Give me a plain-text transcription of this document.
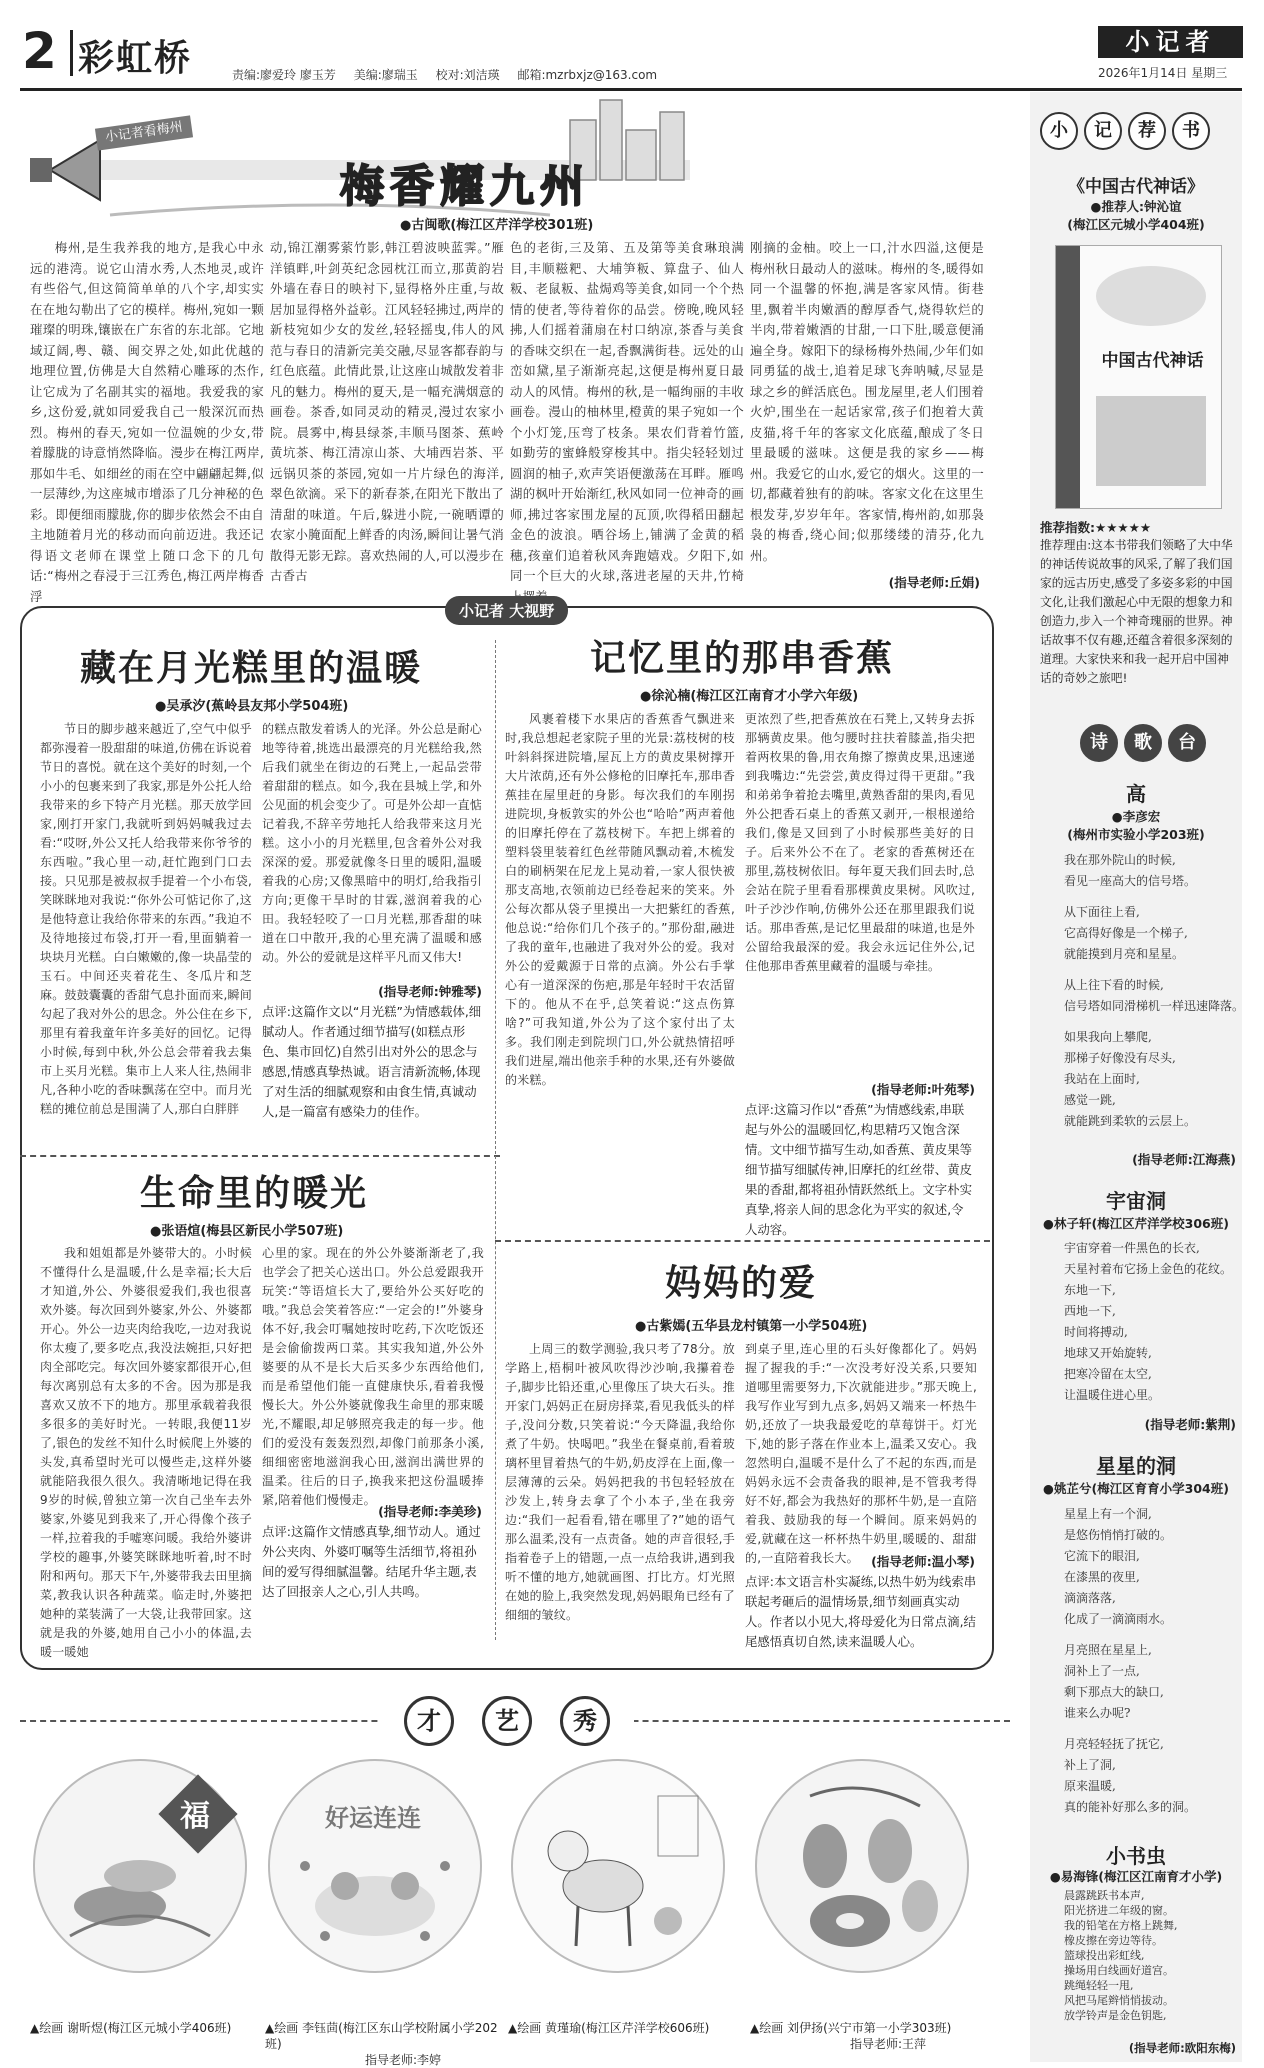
2 彩虹桥	责编:廖爱玲 廖玉芳 美编:廖瑞玉 校对:刘洁瑛 邮箱:mzrbxjz@163.com
小记者
2026年1月14日 星期三
小记者看梅州
梅香耀九州
●古闽歌(梅江区芹洋学校301班)

梅州,是生我养我的地方,是我心中永远的港湾。说它山清水秀,人杰地灵,或许有些俗气,但这简简单单的八个字,却实实在在地勾勒出了它的模样。梅州,宛如一颗璀璨的明珠,镶嵌在广东省的东北部。它地域辽阔,粤、赣、闽交界之处,如此优越的地理位置,仿佛是大自然精心雕琢的杰作,让它成为了名副其实的福地。我爱我的家乡,这份爱,就如同爱我自己一般深沉而热烈。梅州的春天,宛如一位温婉的少女,带着朦胧的诗意悄然降临。漫步在梅江两岸,那如牛毛、如细丝的雨在空中翩翩起舞,似一层薄纱,为这座城市增添了几分神秘的色彩。即便细雨朦胧,你的脚步依然会不由自主地随着月光的移动而向前迈进。我还记得语文老师在课堂上随口念下的几句话:“梅州之春浸于三江秀色,梅江两岸梅香浮

动,锦江潮雾萦竹影,韩江碧波映蓝霁。”雁洋镇畔,叶剑英纪念园枕江而立,那黄韵岩外墙在春日的映衬下,显得格外庄重,与故居加显得格外益彰。江风轻轻拂过,两岸的新枝宛如少女的发丝,轻轻摇曳,伟人的风范与春日的清新完美交融,尽显客都春韵与红色底蕴。此情此景,让这座山城散发着非凡的魅力。梅州的夏天,是一幅充满烟意的画卷。茶香,如同灵动的精灵,漫过农家小院。晨雾中,梅县绿茶,丰顺马图茶、蕉岭黄坑茶、梅江清凉山茶、大埔西岩茶、平远锅贝茶的茶园,宛如一片片绿色的海洋,翠色欲滴。采下的新春茶,在阳光下散出了清甜的味道。午后,躲进小院,一碗晒谭的农家小腌面配上鲜香的肉汤,瞬间让暑气消散得无影无踪。喜欢热闹的人,可以漫步在古香古

色的老街,三及第、五及第等美食琳琅满目,丰顺糍粑、大埔笋粄、算盘子、仙人粄、老鼠粄、盐焗鸡等美食,如同一个个热情的使者,等待着你的品尝。傍晚,晚风轻拂,人们摇着蒲扇在村口纳凉,茶香与美食的香味交织在一起,香飘满街巷。远处的山峦如黛,星子渐渐亮起,这便是梅州夏日最动人的风情。梅州的秋,是一幅绚丽的丰收画卷。漫山的柚林里,橙黄的果子宛如一个个小灯笼,压弯了枝条。果农们背着竹篮,如勤劳的蜜蜂般穿梭其中。指尖轻轻划过圆润的柚子,欢声笑语便激荡在耳畔。雁鸣湖的枫叶开始渐红,秋风如同一位神奇的画师,拂过客家围龙屋的瓦顶,吹得稻田翻起金色的波浪。晒谷场上,铺满了金黄的稻穗,孩童们追着秋风奔跑嬉戏。夕阳下,如同一个巨大的火球,落进老屋的天井,竹椅

刚摘的金柚。咬上一口,汁水四溢,这便是梅州秋日最动人的滋味。梅州的冬,暖得如同一个温馨的怀抱,满是客家风情。街巷里,飘着半肉嫩酒的醇厚香气,烧得软烂的半肉,带着嫩酒的甘甜,一口下肚,暖意便涌遍全身。嫁阳下的绿杨梅外热闹,少年们如同勇猛的战士,追着足球飞奔呐喊,尽显是球之乡的鲜活底色。围龙屋里,老人们围着火炉,围坐在一起话家常,孩子们抱着大黄皮猫,将千年的客家文化底蕴,酿成了冬日里最暖的滋味。这便是我的家乡——梅州。我爱它的山水,爱它的烟火。这里的一切,都藏着独有的韵味。客家文化在这里生根发芽,岁岁年年。客家情,梅州韵,如那袅袅的梅香,绕心间;似那缕缕的清芬,化九州。

(指导老师:丘娟)
小记者 大视野
藏在月光糕里的温暖
●吴承汐(蕉岭县友邦小学504班)

节日的脚步越来越近了,空气中似乎都弥漫着一股甜甜的味道,仿佛在诉说着节日的喜悦。就在这个美好的时刻,一个小小的包裹来到了我家,那是外公托人给我带来的乡下特产月光糕。那天放学回家,刚打开家门,我就听到妈妈喊我过去看:“哎呀,外公又托人给我带来你爷爷的东西啦。”我心里一动,赶忙跑到门口去接。只见那是被叔叔手提着一个小布袋,笑眯眯地对我说:“你外公可惦记你了,这是他特意让我给你带来的东西。”我迫不及待地接过布袋,打开一看,里面躺着一块块月光糕。白白嫩嫩的,像一块晶莹的玉石。中间还夹着花生、冬瓜片和芝麻。鼓鼓囊囊的香甜气息扑面而来,瞬间勾起了我对外公的思念。外公住在乡下,那里有着我童年许多美好的回忆。记得小时候,每到中秋,外公总会带着我去集市上买月光糕。集市上人来人往,热闹非凡,各种小吃的香味飘荡在空中。而月光糕的摊位前总是围满了人,那白白胖胖

的糕点散发着诱人的光泽。外公总是耐心地等待着,挑选出最漂亮的月光糕给我,然后我们就坐在街边的石凳上,一起品尝带着甜甜的糕点。如今,我在县城上学,和外公见面的机会变少了。可是外公却一直惦记着我,不辞辛劳地托人给我带来这月光糕。这小小的月光糕里,包含着外公对我深深的爱。那爱就像冬日里的暖阳,温暖着我的心房;又像黑暗中的明灯,给我指引方向;更像干旱时的甘霖,滋润着我的心田。我轻轻咬了一口月光糕,那香甜的味道在口中散开,我的心里充满了温暖和感动。外公的爱就是这样平凡而又伟大!

(指导老师:钟雅琴)
点评:这篇作文以“月光糕”为情感载体,细腻动人。作者通过细节描写(如糕点形色、集市回忆)自然引出对外公的思念与感恩,情感真挚热诚。语言清新流畅,体现了对生活的细腻观察和由食生情,真诚动人,是一篇富有感染力的佳作。
记忆里的那串香蕉
●徐沁楠(梅江区江南育才小学六年级)

风裹着楼下水果店的香蕉香气飘进来时,我总想起老家院子里的光景:荔枝树的枝叶斜斜探进院墙,屋瓦上方的黄皮果树撑开大片浓荫,还有外公修枪的旧摩托车,那串香蕉挂在屋里赶的身影。每次我们的车刚拐进院坝,身板敦实的外公也“哈哈”两声着他的旧摩托停在了荔枝树下。车把上绑着的塑料袋里装着红色丝带随风飘动着,木梳发白的刷柄架在尼龙上晃动着,一家人很快被那支高地,衣领前边已经卷起来的笑来。外公每次都从袋子里摸出一大把紫红的香蕉,他总说:“给你们几个孩子的。”那份甜,融进了我的童年,也融进了我对外公的爱。我对外公的爱戴源于日常的点滴。外公右手掌心有一道深深的伤疤,那是年轻时干农活留下的。他从不在乎,总笑着说:“这点伤算啥?”可我知道,外公为了这个家付出了太多。我们刚走到院坝门口,外公就热情招呼我们进屋,端出他亲手种的水果,还有外婆做的米糕。

更浓烈了些,把香蕉放在石凳上,又转身去拆那辆黄皮果。他匀腰时拄扶着膝盖,指尖把着两枚果的鲁,用衣角擦了擦黄皮果,迅速递到我嘴边:“先尝尝,黄皮得过得干更甜。”我和弟弟争着抢去嘴里,黄熟香甜的果肉,看见外公把香石桌上的香蕉又剥开,一根根递给我们,像是又回到了小时候那些美好的日子。后来外公不在了。老家的香蕉树还在那里,荔枝树依旧。每年夏天我们回去时,总会站在院子里看看那棵黄皮果树。风吹过,叶子沙沙作响,仿佛外公还在那里跟我们说话。那串香蕉,是记忆里最甜的味道,也是外公留给我最深的爱。我会永远记住外公,记住他那串香蕉里藏着的温暖与牵挂。

(指导老师:叶苑琴)
点评:这篇习作以“香蕉”为情感线索,串联起与外公的温暖回忆,构思精巧又饱含深情。文中细节描写生动,如香蕉、黄皮果等细节描写细腻传神,旧摩托的红丝带、黄皮果的香甜,都将祖孙情跃然纸上。文字朴实真挚,将亲人间的思念化为平实的叙述,令人动容。
生命里的暖光
●张语煊(梅县区新民小学507班)

我和姐姐都是外婆带大的。小时候不懂得什么是温暖,什么是幸福;长大后才知道,外公、外婆很爱我们,我也很喜欢外婆。每次回到外婆家,外公、外婆都开心。外公一边夹肉给我吃,一边对我说你太瘦了,要多吃点,我没法婉拒,只好把肉全部吃完。每次回外婆家都很开心,但每次离别总有太多的不舍。因为那是我喜欢又放不下的地方。那里承载着我很多很多的美好时光。一转眼,我便11岁了,银色的发丝不知什么时候爬上外婆的头发,真希望时光可以慢些走,这样外婆就能陪我很久很久。我清晰地记得在我9岁的时候,曾独立第一次自己坐车去外婆家,外婆见到我来了,开心得像个孩子一样,拉着我的手嘘寒问暖。我给外婆讲学校的趣事,外婆笑眯眯地听着,时不时附和两句。那天下午,外婆带我去田里摘菜,教我认识各种蔬菜。临走时,外婆把她种的菜装满了一大袋,让我带回家。这就是我的外婆,她用自己小小的体温,去暖一暖她

心里的家。现在的外公外婆渐渐老了,我也学会了把关心送出口。外公总爱跟我开玩笑:“等语煊长大了,要给外公买好吃的哦。”我总会笑着答应:“一定会的!”外婆身体不好,我会叮嘱她按时吃药,下次吃饭还是会偷偷拨两口菜。其实我知道,外公外婆要的从不是长大后买多少东西给他们,而是希望他们能一直健康快乐,看着我慢慢长大。外公外婆就像我生命里的那束暖光,不耀眼,却足够照亮我走的每一步。他们的爱没有轰轰烈烈,却像门前那条小溪,细细密密地滋润我心田,滋润出满世界的温柔。往后的日子,换我来把这份温暖捧紧,陪着他们慢慢走。

(指导老师:李美珍)
点评:这篇作文情感真挚,细节动人。通过外公夹肉、外婆叮嘱等生活细节,将祖孙间的爱写得细腻温馨。结尾升华主题,表达了回报亲人之心,引人共鸣。
妈妈的爱
●古紫嫣(五华县龙村镇第一小学504班)

上周三的数学测验,我只考了78分。放学路上,梧桐叶被风吹得沙沙响,我攥着卷子,脚步比铅还重,心里像压了块大石头。推开家门,妈妈正在厨房择菜,看见我低头的样子,没问分数,只笑着说:“今天降温,我给你煮了牛奶。快喝吧。”我坐在餐桌前,看着玻璃杯里冒着热气的牛奶,奶皮浮在上面,像一层薄薄的云朵。妈妈把我的书包轻轻放在沙发上,转身去拿了个小本子,坐在我旁边:“我们一起看看,错在哪里了?”她的语气那么温柔,没有一点责备。她的声音很轻,手指着卷子上的错题,一点一点给我讲,遇到我听不懂的地方,她就画图、打比方。灯光照在她的脸上,我突然发现,妈妈眼角已经有了细细的皱纹。

到桌子里,连心里的石头好像都化了。妈妈握了握我的手:“一次没考好没关系,只要知道哪里需要努力,下次就能进步。”那天晚上,我写作业写到九点多,妈妈又端来一杯热牛奶,还放了一块我最爱吃的草莓饼干。灯光下,她的影子落在作业本上,温柔又安心。我忽然明白,温暖不是什么了不起的东西,而是妈妈永远不会责备我的眼神,是不管我考得好不好,都会为我热好的那杯牛奶,是一直陪着我、鼓励我的每一个瞬间。原来妈妈的爱,就藏在这一杯杯热牛奶里,暖暖的、甜甜的,一直陪着我长大。 (指导老师:温小琴)
点评:本文语言朴实凝练,以热牛奶为线索串联起考砸后的温情场景,细节刻画真实动人。作者以小见大,将母爱化为日常点滴,结尾感悟真切自然,读来温暖人心。
小 记 荐 书
《中国古代神话》
●推荐人:钟沁谊
(梅江区元城小学404班)
中国古代神话
推荐指数:★★★★★
推荐理由:这本书带我们领略了大中华的神话传说故事的风采,了解了我们国家的远古历史,感受了多姿多彩的中国文化,让我们激起心中无限的想象力和创造力,步入一个神奇瑰丽的世界。神话故事不仅有趣,还蕴含着很多深刻的道理。大家快来和我一起开启中国神话的奇妙之旅吧!
诗 歌 台
高
●李彦宏
(梅州市实验小学203班)

我在那外院山的时候,

看见一座高大的信号塔。

从下面往上看,

它高得好像是一个梯子,

就能摸到月亮和星星。

从上往下看的时候,

信号塔如同滑梯机一样迅速降落。

如果我向上攀爬,

那梯子好像没有尽头,

我站在上面时,

感觉一跳,

就能跳到柔软的云层上。

(指导老师:江海燕)
宇宙洞
●林子轩(梅江区芹洋学校306班)

宇宙穿着一件黑色的长衣,

天星衬着布它扬上金色的花纹。

东地一下,

西地一下,

时间将搏动,

地球又开始旋转,

把寒冷留在太空,

让温暖住进心里。

(指导老师:紫荆)
星星的洞
●姚芷兮(梅江区育育小学304班)

星星上有一个洞,

是悠伤悄悄打破的。

它流下的眼泪,

在漆黑的夜里,

滴滴落落,

化成了一滴滴雨水。

月亮照在星星上,

洞补上了一点,

剩下那点大的缺口,

谁来么办呢?

月亮轻轻抚了抚它,

补上了洞,

原来温暖,

真的能补好那么多的洞。

小书虫
●易海锋(梅江区江南育才小学)

晨露跳跃书本声,

阳光挤进二年级的窗。

我的铅笔在方格上跳舞,

橡皮擦在旁边等待。

篮球投出彩虹线,

操场用白线画好道宫。

跳绳轻轻一甩,

风把马尾辫悄悄拔动。

放学铃声是金色钥匙,

(指导老师:欧阳东梅)
才 艺 秀
福
▲绘画 谢昕煜(梅江区元城小学406班)
好运连连
▲绘画 李钰茴(梅江区东山学校附属小学202班)
指导老师:李婷
▲绘画 黄瑾瑜(梅江区芹洋学校606班)	▲绘画 刘伊扬(兴宁市第一小学303班)
指导老师:王萍
